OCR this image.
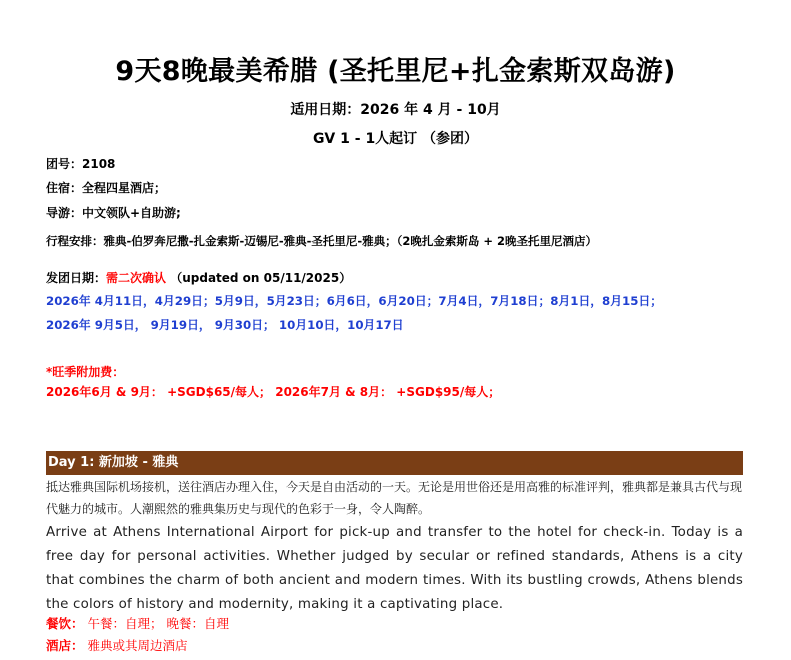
9天8晚最美希腊 (圣托里尼+扎金索斯双岛游)
适用日期：2026 年 4 月 - 10月
GV 1 - 1人起订 （参团）
团号：2108
住宿：全程四星酒店；
导游：中文领队+自助游;
行程安排：雅典-伯罗奔尼撒-扎金索斯-迈锡尼-雅典-圣托里尼-雅典；（2晚扎金索斯岛 + 2晚圣托里尼酒店）
发团日期：需二次确认 （updated on 05/11/2025）
2026年 4月11日，4月29日；5月9日，5月23日；6月6日，6月20日；7月4日，7月18日；8月1日，8月15日；
2026年 9月5日， 9月19日， 9月30日； 10月10日，10月17日
*旺季附加费：
2026年6月 & 9月： +SGD$65/每人； 2026年7月 & 8月： +SGD$95/每人；
Day 1: 新加坡 - 雅典
抵达雅典国际机场接机，送往酒店办理入住，今天是自由活动的一天。无论是用世俗还是用高雅的标准评判，雅典都是兼具古代与现代魅力的城市。人潮熙然的雅典集历史与现代的色彩于一身，令人陶醉。
Arrive at Athens International Airport for pick-up and transfer to the hotel for check-in. Today is a free day for personal activities. Whether judged by secular or refined standards, Athens is a city that combines the charm of both ancient and modern times. With its bustling crowds, Athens blends the colors of history and modernity, making it a captivating place.
餐饮： 午餐：自理； 晚餐：自理
酒店： 雅典或其周边酒店
